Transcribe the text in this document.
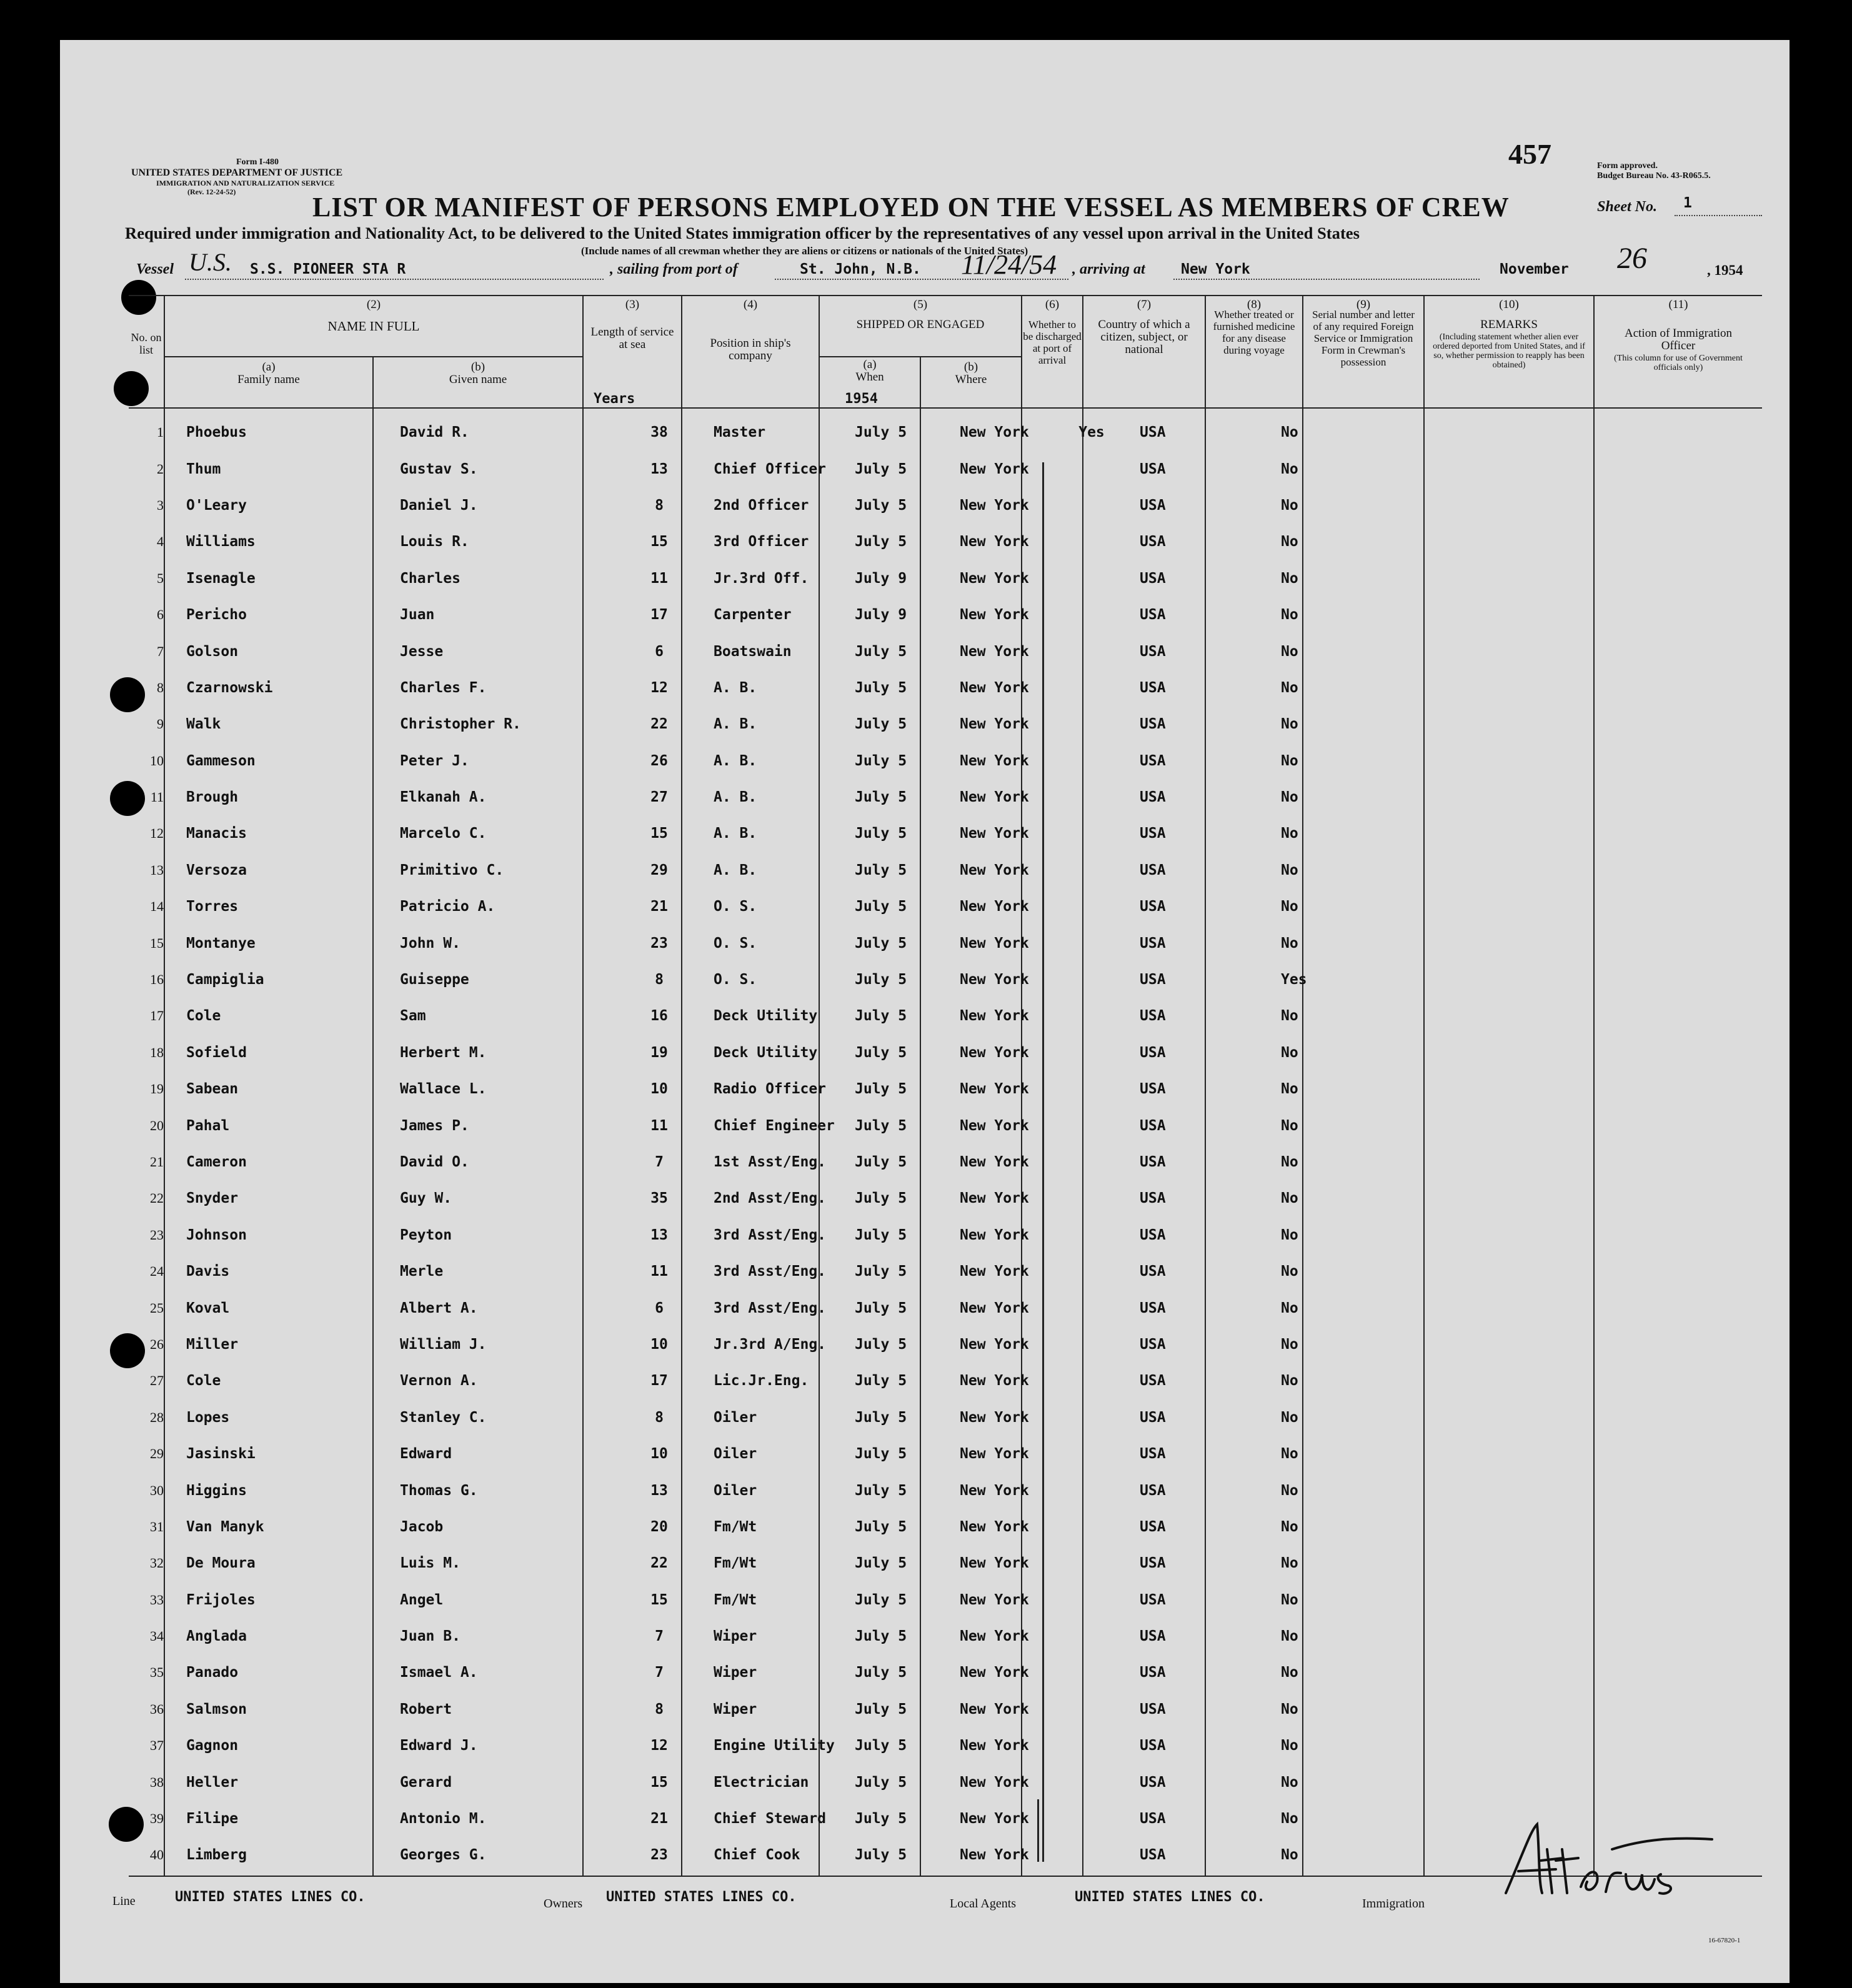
457
Form I-480
UNITED STATES DEPARTMENT OF JUSTICE
IMMIGRATION AND NATURALIZATION SERVICE
(Rev. 12-24-52)
Form approved.
Budget Bureau No. 43-R065.5.
LIST OR MANIFEST OF PERSONS EMPLOYED ON THE VESSEL AS MEMBERS OF CREW	Sheet No.	1
Required under immigration and Nationality Act, to be delivered to the United States immigration officer by the representatives of any vessel upon arrival in the United States
(Include names of all crewman whether they are aliens or citizens or nationals of the United States)
Vessel U.S. S.S. PIONEER STA R	, sailing from port of	St. John, N.B. 11/24/54 , arriving at New York	November 26	, 1954
No. on list
(2)
NAME IN FULL
(a)
Family name
(b)
Given name
(3)
Length of service at sea
Years
(4)
Position in ship's company
(5)
SHIPPED OR ENGAGED
(a)
When
1954
(b)
Where
(6)
Whether to be discharged at port of arrival
(7)
Country of which a citizen, subject, or national
(8)
Whether treated or furnished medicine for any disease during voyage
(9)
Serial number and letter of any required Foreign Service or Immigration Form in Crewman's possession
(10)
REMARKS
(Including statement whether alien ever ordered deported from United States, and if so, whether permission to reapply has been obtained)
(11)
Action of Immigration Officer
(This column for use of Government officials only)
1	Phoebus	David R.	38	Master	July 5	New York	Yes	USA	No
2	Thum	Gustav S.	13	Chief Officer	July 5	New York		USA	No
3	O'Leary	Daniel J.	8	2nd Officer	July 5	New York		USA	No
4	Williams	Louis R.	15	3rd Officer	July 5	New York		USA	No
5	Isenagle	Charles	11	Jr.3rd Off.	July 9	New York		USA	No
6	Pericho	Juan	17	Carpenter	July 9	New York		USA	No
7	Golson	Jesse	6	Boatswain	July 5	New York		USA	No
8	Czarnowski	Charles F.	12	A. B.	July 5	New York		USA	No
9	Walk	Christopher R.	22	A. B.	July 5	New York		USA	No
10	Gammeson	Peter J.	26	A. B.	July 5	New York		USA	No
11	Brough	Elkanah A.	27	A. B.	July 5	New York		USA	No
12	Manacis	Marcelo C.	15	A. B.	July 5	New York		USA	No
13	Versoza	Primitivo C.	29	A. B.	July 5	New York		USA	No
14	Torres	Patricio A.	21	O. S.	July 5	New York		USA	No
15	Montanye	John W.	23	O. S.	July 5	New York		USA	No
16	Campiglia	Guiseppe	8	O. S.	July 5	New York		USA	Yes
17	Cole	Sam	16	Deck Utility	July 5	New York		USA	No
18	Sofield	Herbert M.	19	Deck Utility	July 5	New York		USA	No
19	Sabean	Wallace L.	10	Radio Officer	July 5	New York		USA	No
20	Pahal	James P.	11	Chief Engineer	July 5	New York		USA	No
21	Cameron	David O.	7	1st Asst/Eng.	July 5	New York		USA	No
22	Snyder	Guy W.	35	2nd Asst/Eng.	July 5	New York		USA	No
23	Johnson	Peyton	13	3rd Asst/Eng.	July 5	New York		USA	No
24	Davis	Merle	11	3rd Asst/Eng.	July 5	New York		USA	No
25	Koval	Albert A.	6	3rd Asst/Eng.	July 5	New York		USA	No
26	Miller	William J.	10	Jr.3rd A/Eng.	July 5	New York		USA	No
27	Cole	Vernon A.	17	Lic.Jr.Eng.	July 5	New York		USA	No
28	Lopes	Stanley C.	8	Oiler	July 5	New York		USA	No
29	Jasinski	Edward	10	Oiler	July 5	New York		USA	No
30	Higgins	Thomas G.	13	Oiler	July 5	New York		USA	No
31	Van Manyk	Jacob	20	Fm/Wt	July 5	New York		USA	No
32	De Moura	Luis M.	22	Fm/Wt	July 5	New York		USA	No
33	Frijoles	Angel	15	Fm/Wt	July 5	New York		USA	No
34	Anglada	Juan B.	7	Wiper	July 5	New York		USA	No
35	Panado	Ismael A.	7	Wiper	July 5	New York		USA	No
36	Salmson	Robert	8	Wiper	July 5	New York		USA	No
37	Gagnon	Edward J.	12	Engine Utility	July 5	New York		USA	No
38	Heller	Gerard	15	Electrician	July 5	New York		USA	No
39	Filipe	Antonio M.	21	Chief Steward	July 5	New York		USA	No
40	Limberg	Georges G.	23	Chief Cook	July 5	New York		USA	No
Line	UNITED STATES LINES CO.	Owners UNITED STATES LINES CO.	Local Agents	UNITED STATES LINES CO.	Immigration
16-67820-1
